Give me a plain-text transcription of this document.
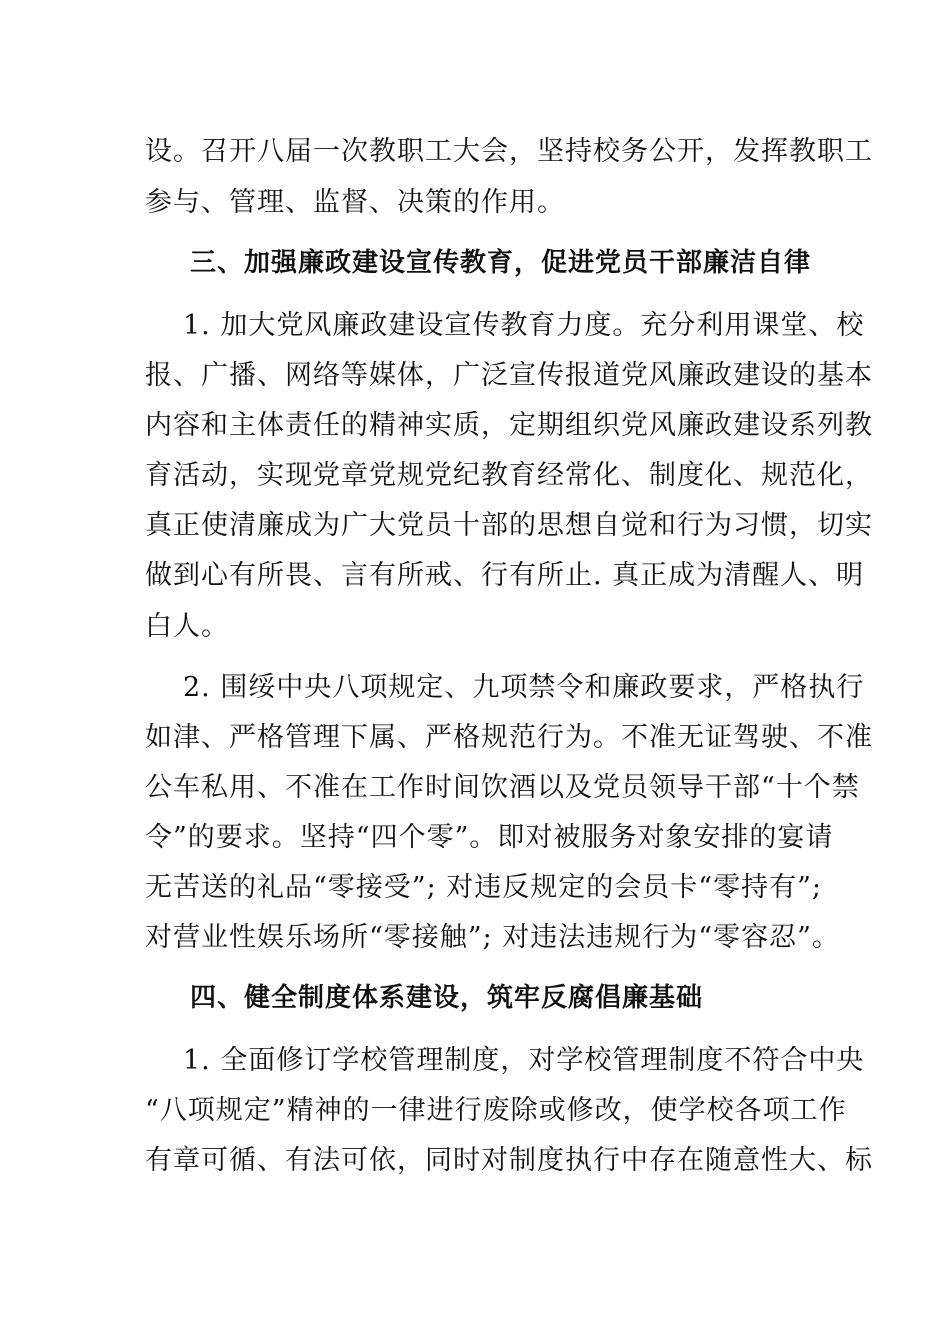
设。召开八届一次教职工大会，坚持校务公开，发挥教职工
参与、管理、监督、决策的作用。
三、加强廉政建设宣传教育，促进党员干部廉洁自律
1. 加大党风廉政建设宣传教育力度。充分利用课堂、校
报、广播、网络等媒体，广泛宣传报道党风廉政建设的基本
内容和主体责任的精神实质，定期组织党风廉政建设系列教
育活动，实现党章党规党纪教育经常化、制度化、规范化，
真正使清廉成为广大党员十部的思想自觉和行为习惯，切实
做到心有所畏、言有所戒、行有所止. 真正成为清醒人、明
白人。
2. 围绥中央八项规定、九项禁令和廉政要求，严格执行
如津、严格管理下属、严格规范行为。不准无证驾驶、不准
公车私用、不准在工作时间饮酒以及党员领导干部“十个禁
令”的要求。坚持“四个零”。即对被服务对象安排的宴请
无苦送的礼品“零接受”; 对违反规定的会员卡“零持有”;
对营业性娱乐场所“零接触”; 对违法违规行为“零容忍”。
四、健全制度体系建设，筑牢反腐倡廉基础
1. 全面修订学校管理制度，对学校管理制度不符合中央
“八项规定”精神的一律进行废除或修改，使学校各项工作
有章可循、有法可依，同时对制度执行中存在随意性大、标
